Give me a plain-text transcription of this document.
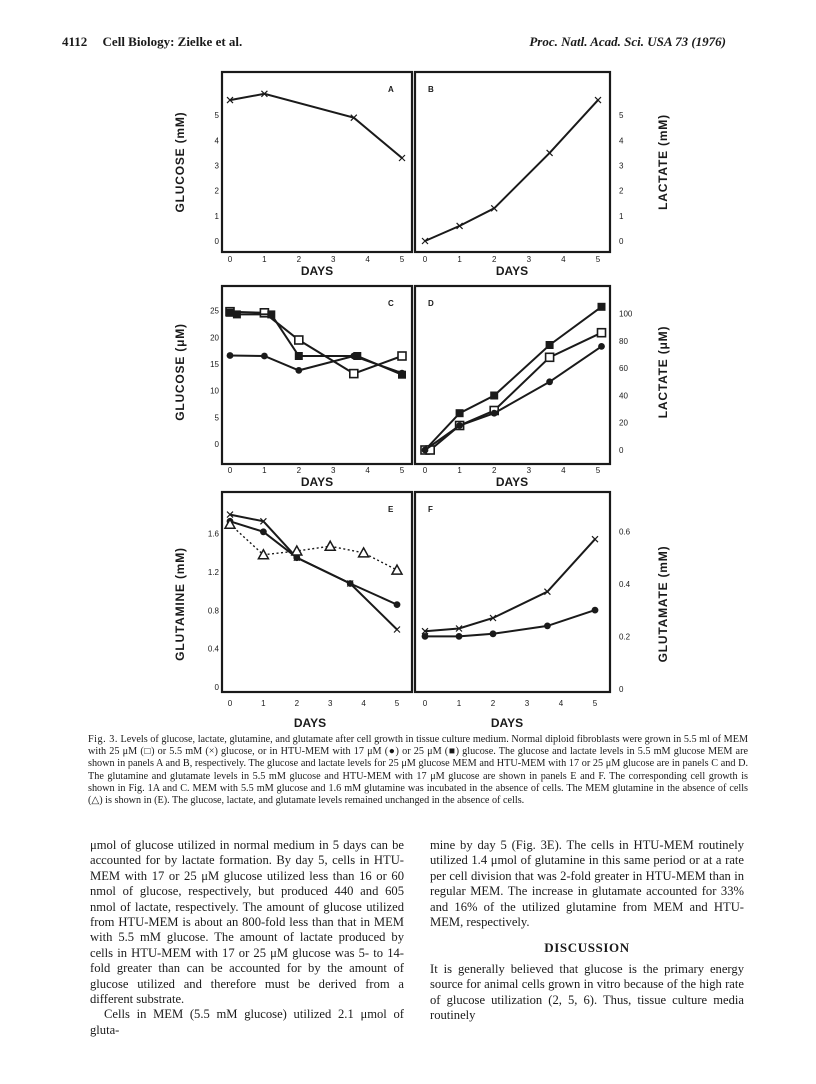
4112 Cell Biology: Zielke et al.	Proc. Natl. Acad. Sci. USA 73 (1976)
A	B
GLUCOSE (mM)	LACTATE (mM)
DAYS	DAYS
C	D
GLUCOSE (μM)	LACTATE (μM)
DAYS	DAYS
E	F
GLUTAMINE (mM)	GLUTAMATE (mM)
DAYS	DAYS
0	1	2	3	4	5
0
1
2
3
4
5
0	1	2	3	4	5
0
1
2
3
4
5
0	1	2	3	4	5
0
5
10
15
20
25
0	1	2	3	4	5
0
20
40
60
80
100
0	1	2	3	4	5
0
0.4
0.8
1.2
1.6
0	1	2	3	4	5
0
0.2
0.4
0.6
Fig. 3. Levels of glucose, lactate, glutamine, and glutamate after cell growth in tissue culture medium. Normal diploid fibroblasts were grown in 5.5 ml of MEM with 25 μM (□) or 5.5 mM (×) glucose, or in HTU-MEM with 17 μM (●) or 25 μM (■) glucose. The glucose and lactate levels in 5.5 mM glucose MEM are shown in panels A and B, respectively. The glucose and lactate levels for 25 μM glucose MEM and HTU-MEM with 17 or 25 μM glucose are in panels C and D. The glutamine and glutamate levels in 5.5 mM glucose and HTU-MEM with 17 μM glucose are shown in panels E and F. The corresponding cell growth is shown in Fig. 1A and C. MEM with 5.5 mM glucose and 1.6 mM glutamine was incubated in the absence of cells. The MEM glutamine in the absence of cells (△) is shown in (E). The glucose, lactate, and glutamate levels remained unchanged in the absence of cells.

μmol of glucose utilized in normal medium in 5 days can be accounted for by lactate formation. By day 5, cells in HTU-MEM with 17 or 25 μM glucose utilized less than 16 or 60 nmol of glucose, respectively, but produced 440 and 605 nmol of lactate, respectively. The amount of glucose utilized from HTU-MEM is about an 800-fold less than that in MEM with 5.5 mM glucose. The amount of lactate produced by cells in HTU-MEM with 17 or 25 μM glucose was 5- to 14-fold greater than can be accounted for by the amount of glucose utilized and therefore must be derived from a different substrate.

Cells in MEM (5.5 mM glucose) utilized 2.1 μmol of gluta-

mine by day 5 (Fig. 3E). The cells in HTU-MEM routinely utilized 1.4 μmol of glutamine in this same period or at a rate per cell division that was 2-fold greater in HTU-MEM than in regular MEM. The increase in glutamate accounted for 33% and 16% of the utilized glutamine from MEM and HTU-MEM, respectively.

DISCUSSION

It is generally believed that glucose is the primary energy source for animal cells grown in vitro because of the high rate of glucose utilization (2, 5, 6). Thus, tissue culture media routinely
